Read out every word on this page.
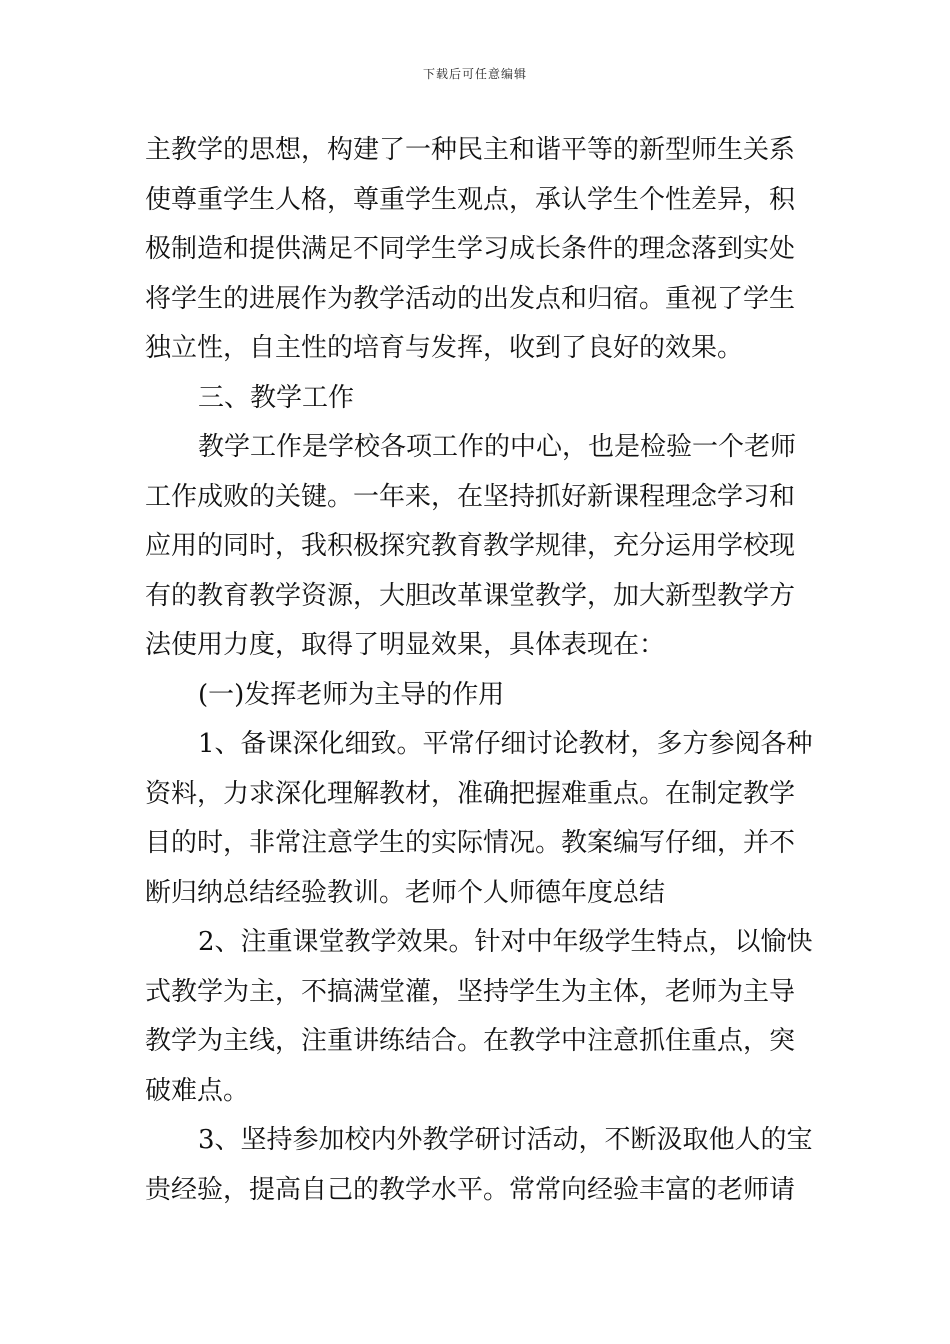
下载后可任意编辑
主教学的思想，构建了一种民主和谐平等的新型师生关系
使尊重学生人格，尊重学生观点，承认学生个性差异，积
极制造和提供满足不同学生学习成长条件的理念落到实处
将学生的进展作为教学活动的出发点和归宿。重视了学生
独立性，自主性的培育与发挥，收到了良好的效果。
三、教学工作
教学工作是学校各项工作的中心，也是检验一个老师
工作成败的关键。一年来，在坚持抓好新课程理念学习和
应用的同时，我积极探究教育教学规律，充分运用学校现
有的教育教学资源，大胆改革课堂教学，加大新型教学方
法使用力度，取得了明显效果，具体表现在：
(一)发挥老师为主导的作用
1、备课深化细致。平常仔细讨论教材，多方参阅各种
资料，力求深化理解教材，准确把握难重点。在制定教学
目的时，非常注意学生的实际情况。教案编写仔细，并不
断归纳总结经验教训。老师个人师德年度总结
2、注重课堂教学效果。针对中年级学生特点，以愉快
式教学为主，不搞满堂灌，坚持学生为主体，老师为主导
教学为主线，注重讲练结合。在教学中注意抓住重点，突
破难点。
3、坚持参加校内外教学研讨活动，不断汲取他人的宝
贵经验，提高自己的教学水平。常常向经验丰富的老师请
